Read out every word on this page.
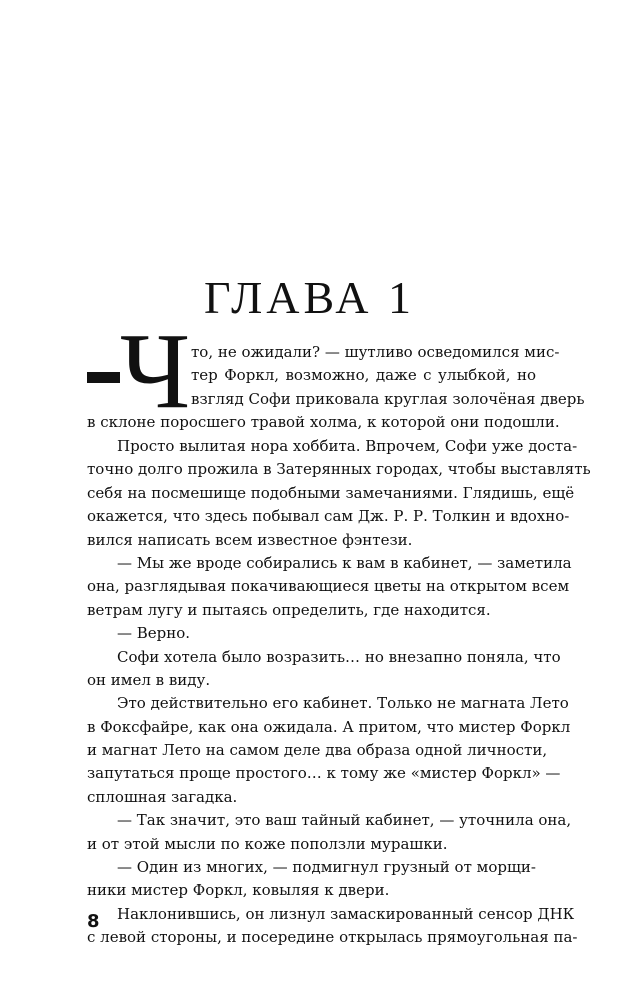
ГЛАВА 1
Ч то, не ожидали? — шутливо осведомился мис-
тер Форкл, возможно, даже с улыбкой, но
взгляд Софи приковала круглая золочёная дверь
в склоне поросшего травой холма, к которой они подошли.
Просто вылитая нора хоббита. Впрочем, Софи уже доста-
точно долго прожила в Затерянных городах, чтобы выставлять
себя на посмешище подобными замечаниями. Глядишь, ещё
окажется, что здесь побывал сам Дж. Р. Р. Толкин и вдохно-
вился написать всем известное фэнтези.
— Мы же вроде собирались к вам в кабинет, — заметила
она, разглядывая покачивающиеся цветы на открытом всем
ветрам лугу и пытаясь определить, где находится.
— Верно.
Софи хотела было возразить… но внезапно поняла, что
он имел в виду.
Это действительно его кабинет. Только не магната Лето
в Фоксфайре, как она ожидала. А притом, что мистер Форкл
и магнат Лето на самом деле два образа одной личности,
запутаться проще простого… к тому же «мистер Форкл» —
сплошная загадка.
— Так значит, это ваш тайный кабинет, — уточнила она,
и от этой мысли по коже поползли мурашки.
— Один из многих, — подмигнул грузный от морщи-
ники мистер Форкл, ковыляя к двери.
Наклонившись, он лизнул замаскированный сенсор ДНК
с левой стороны, и посередине открылась прямоугольная па-
8
